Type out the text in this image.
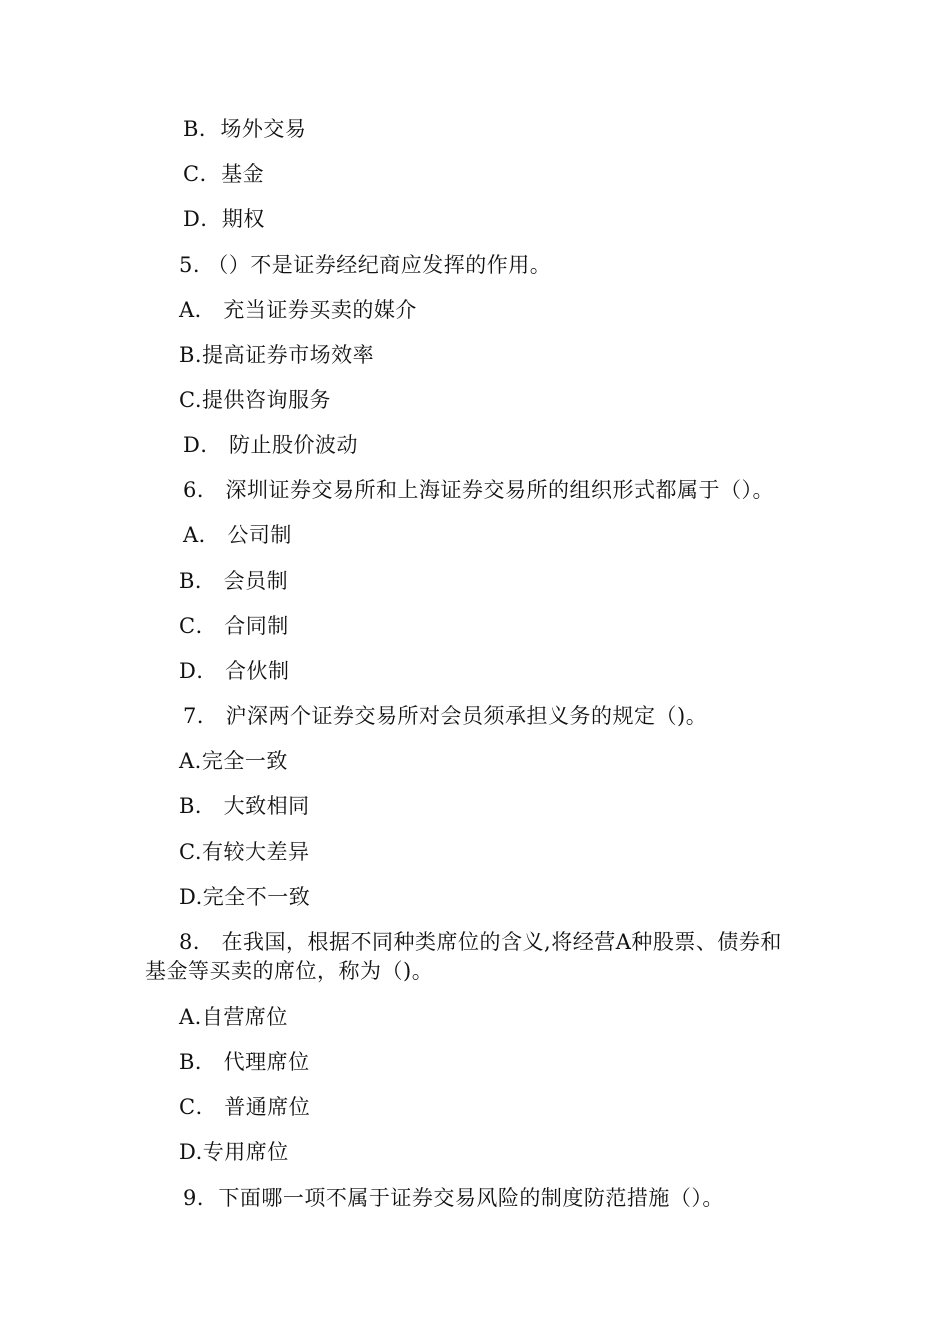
B．场外交易
C．基金
D．期权
5. （）不是证券经纪商应发挥的作用。
A． 充当证券买卖的媒介
B.提高证券市场效率
C.提供咨询服务
D． 防止股价波动
6． 深圳证券交易所和上海证券交易所的组织形式都属于（）。
A． 公司制
B． 会员制
C． 合同制
D． 合伙制
7． 沪深两个证券交易所对会员须承担义务的规定（)。
A.完全一致
B． 大致相同
C.有较大差异
D.完全不一致
8． 在我国，根据不同种类席位的含义,将经营A种股票、债券和
基金等买卖的席位，称为（)。
A.自营席位
B． 代理席位
C． 普通席位
D.专用席位
9．下面哪一项不属于证券交易风险的制度防范措施（）。
